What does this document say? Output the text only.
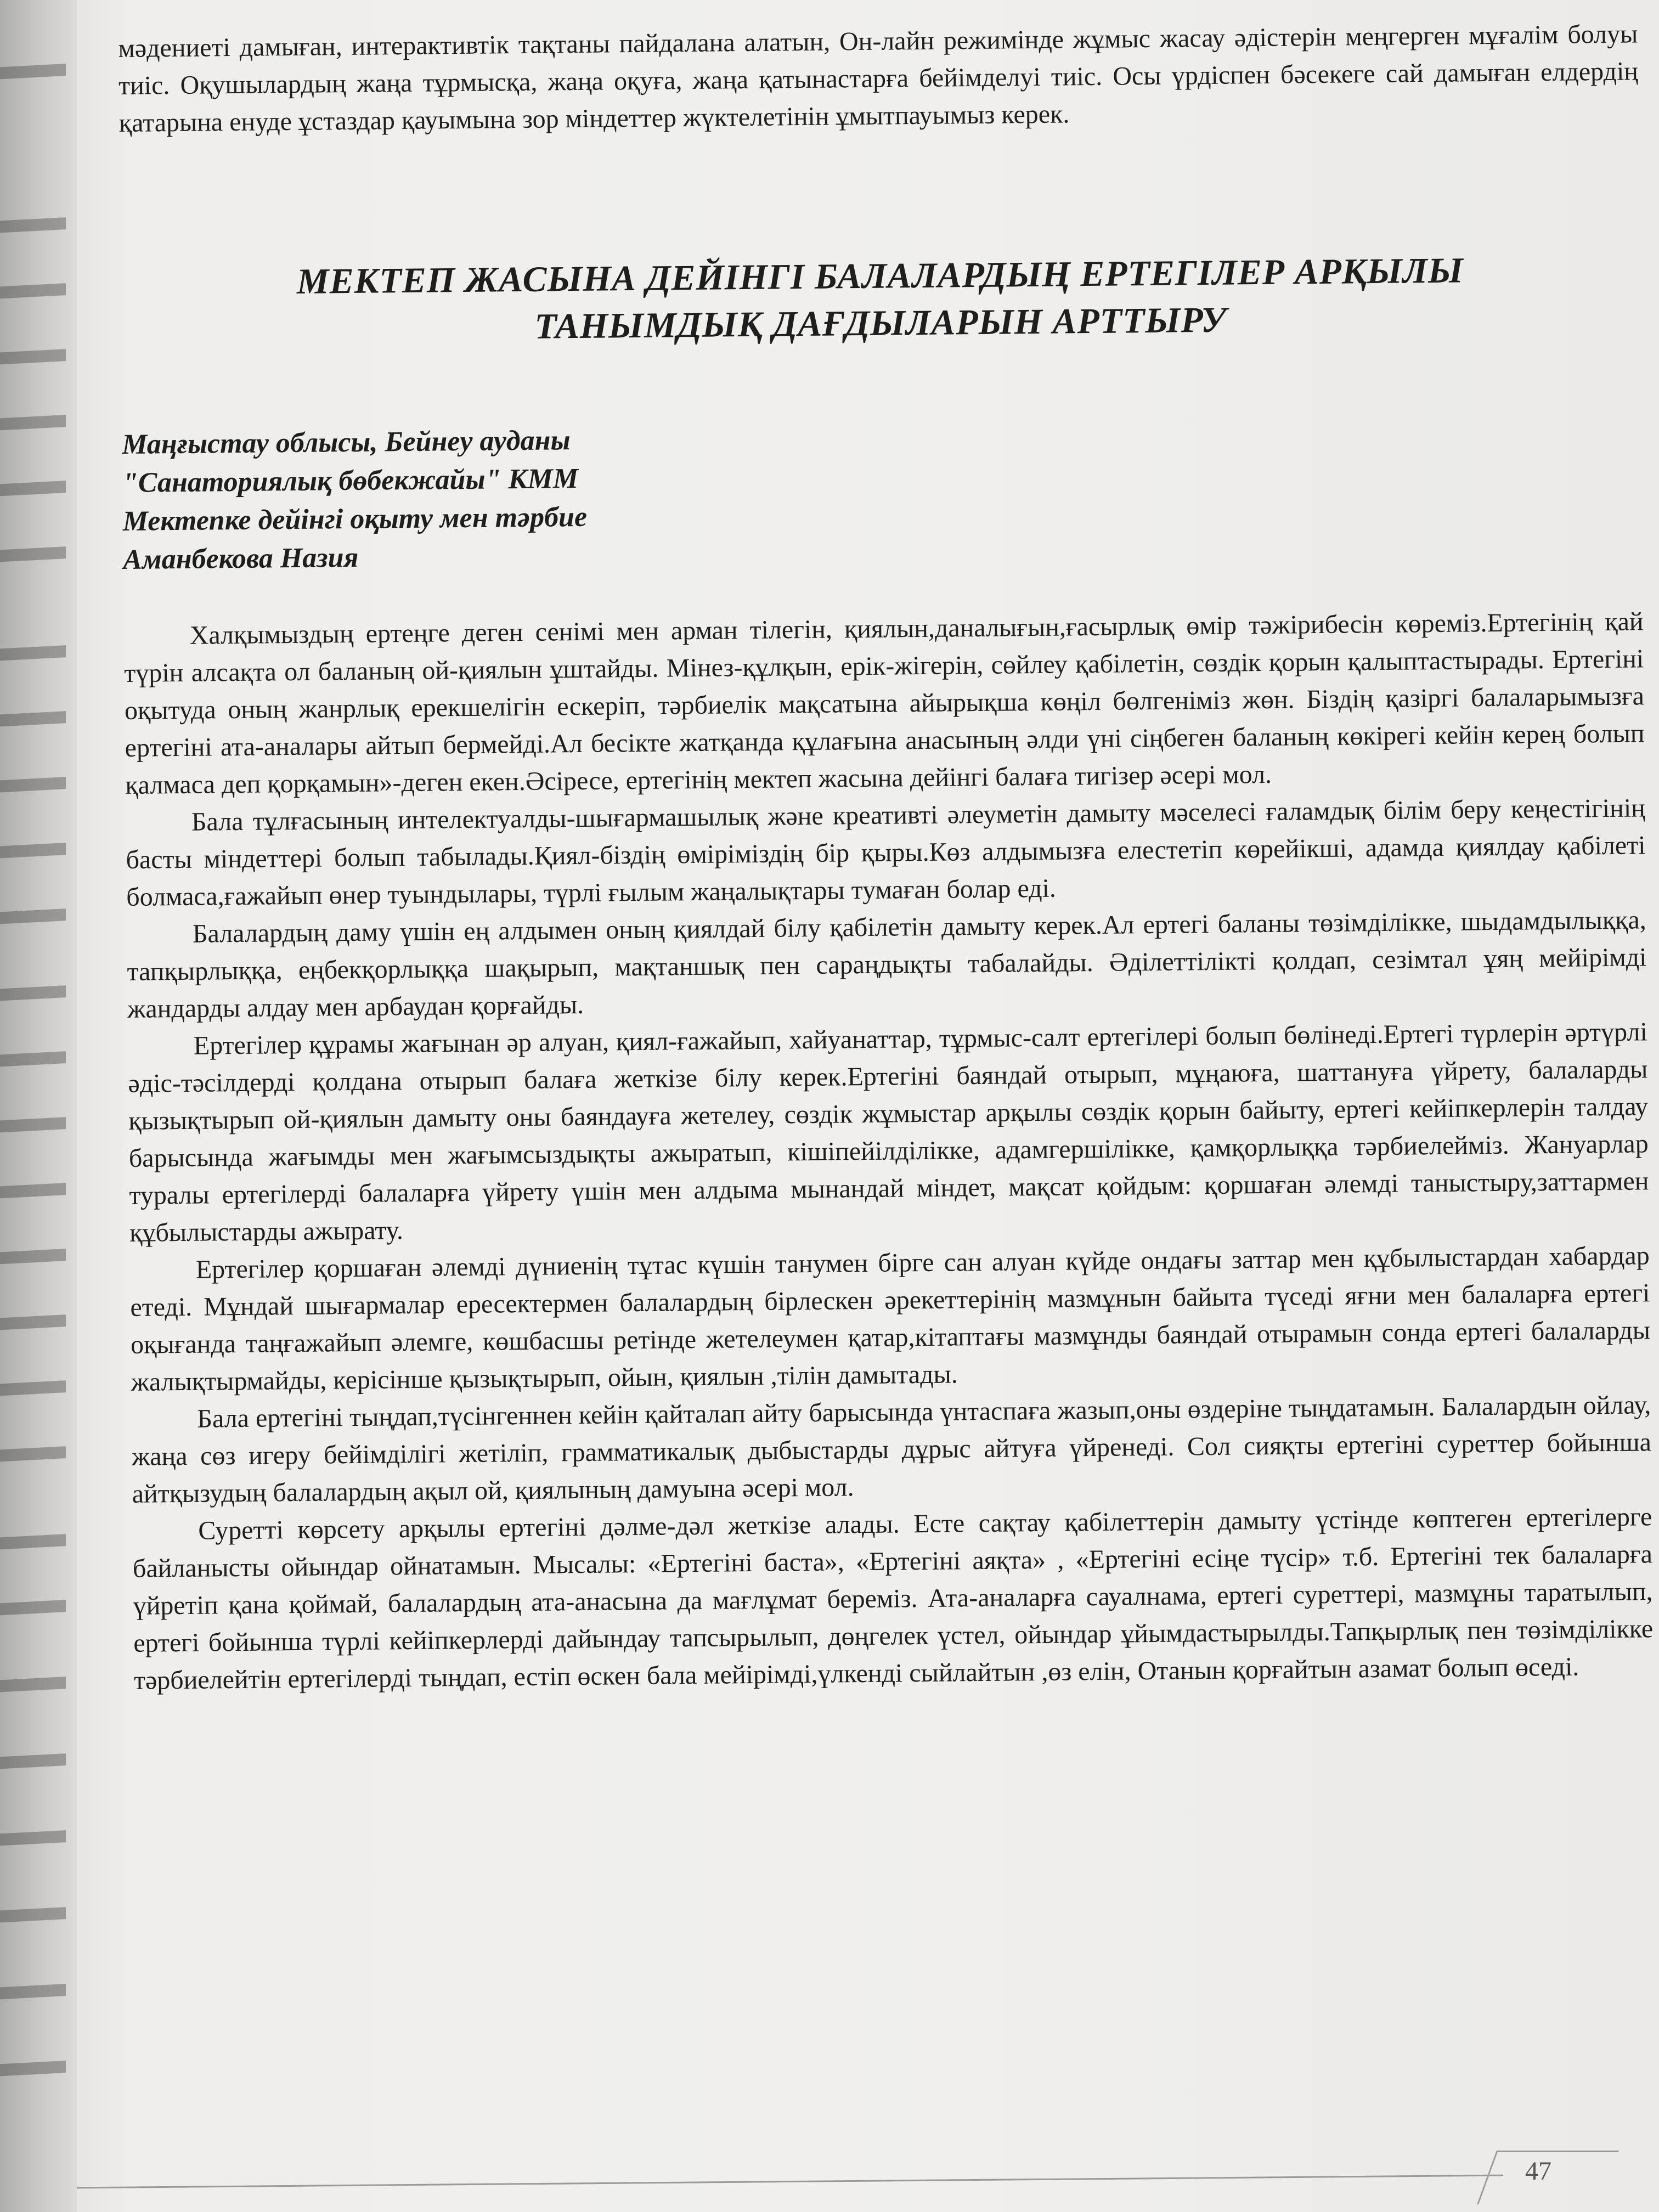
мәдениеті дамыған, интерактивтік тақтаны пайдалана алатын, Он-лайн режимінде жұмыс жасау әдістерін меңгерген мұғалім болуы тиіс. Оқушылардың жаңа тұрмысқа, жаңа оқуға, жаңа қатынастарға бейімделуі тиіс. Осы үрдіспен бәсекеге сай дамыған елдердің қатарына енуде ұстаздар қауымына зор міндеттер жүктелетінін ұмытпауымыз керек.

МЕКТЕП ЖАСЫНА ДЕЙІНГІ БАЛАЛАРДЫҢ ЕРТЕГІЛЕР АРҚЫЛЫ
ТАНЫМДЫҚ ДАҒДЫЛАРЫН АРТТЫРУ
Маңғыстау облысы, Бейнеу ауданы
"Санаториялық бөбекжайы" КММ
Мектепке дейінгі оқыту мен тәрбие
Аманбекова Назия

Халқымыздың ертеңге деген сенімі мен арман тілегін, қиялын,даналығын,ғасырлық өмір тәжірибесін көреміз.Ертегінің қай түрін алсақта ол баланың ой-қиялын ұштайды. Мінез-құлқын, ерік-жігерін, сөйлеу қабілетін, сөздік қорын қалыптастырады. Ертегіні оқытуда оның жанрлық ерекшелігін ескеріп, тәрбиелік мақсатына айырықша көңіл бөлгеніміз жөн. Біздің қазіргі балаларымызға ертегіні ата-аналары айтып бермейді.Ал бесікте жатқанда құлағына анасының әлди үні сіңбеген баланың көкірегі кейін керең болып қалмаса деп қорқамын»-деген екен.Әсіресе, ертегінің мектеп жасына дейінгі балаға тигізер әсері мол.

Бала тұлғасының интелектуалды-шығармашылық және креативті әлеуметін дамыту мәселесі ғаламдық білім беру кеңестігінің басты міндеттері болып табылады.Қиял-біздің өміріміздің бір қыры.Көз алдымызға елестетіп көрейікші, адамда қиялдау қабілеті болмаса,ғажайып өнер туындылары, түрлі ғылым жаңалықтары тумаған болар еді.

Балалардың даму үшін ең алдымен оның қиялдай білу қабілетін дамыту керек.Ал ертегі баланы төзімділікке, шыдамдылыққа, тапқырлыққа, еңбекқорлыққа шақырып, мақтаншық пен сараңдықты табалайды. Әділеттілікті қолдап, сезімтал ұяң мейірімді жандарды алдау мен арбаудан қорғайды.

Ертегілер құрамы жағынан әр алуан, қиял-ғажайып, хайуанаттар, тұрмыс-салт ертегілері болып бөлінеді.Ертегі түрлерін әртүрлі әдіс-тәсілдерді қолдана отырып балаға жеткізе білу керек.Ертегіні баяндай отырып, мұңаюға, шаттануға үйрету, балаларды қызықтырып ой-қиялын дамыту оны баяндауға жетелеу, сөздік жұмыстар арқылы сөздік қорын байыту, ертегі кейіпкерлерін талдау барысында жағымды мен жағымсыздықты ажыратып, кішіпейілділікке, адамгершілікке, қамқорлыққа тәрбиелейміз. Жануарлар туралы ертегілерді балаларға үйрету үшін мен алдыма мынандай міндет, мақсат қойдым: қоршаған әлемді таныстыру,заттармен құбылыстарды ажырату.

Ертегілер қоршаған әлемді дүниенің тұтас күшін танумен бірге сан алуан күйде ондағы заттар мен құбылыстардан хабардар етеді. Мұндай шығармалар ересектермен балалардың бірлескен әрекеттерінің мазмұнын байыта түседі яғни мен балаларға ертегі оқығанда таңғажайып әлемге, көшбасшы ретінде жетелеумен қатар,кітаптағы мазмұнды баяндай отырамын сонда ертегі балаларды жалықтырмайды, керісінше қызықтырып, ойын, қиялын ,тілін дамытады.

Бала ертегіні тыңдап,түсінгеннен кейін қайталап айту барысында үнтаспаға жазып,оны өздеріне тыңдатамын. Балалардын ойлау, жаңа сөз игеру бейімділігі жетіліп, грамматикалық дыбыстарды дұрыс айтуға үйренеді. Сол сияқты ертегіні суреттер бойынша айтқызудың балалардың ақыл ой, қиялының дамуына әсері мол.

Суретті көрсету арқылы ертегіні дәлме-дәл жеткізе алады. Есте сақтау қабілеттерін дамыту үстінде көптеген ертегілерге байланысты ойындар ойнатамын. Мысалы: «Ертегіні баста», «Ертегіні аяқта» , «Ертегіні есіңе түсір» т.б. Ертегіні тек балаларға үйретіп қана қоймай, балалардың ата-анасына да мағлұмат береміз. Ата-аналарға сауалнама, ертегі суреттері, мазмұны таратылып, ертегі бойынша түрлі кейіпкерлерді дайындау тапсырылып, дөңгелек үстел, ойындар ұйымдастырылды.Тапқырлық пен төзімділікке тәрбиелейтін ертегілерді тыңдап, естіп өскен бала мейірімді,үлкенді сыйлайтын ,өз елін, Отанын қорғайтын азамат болып өседі.

47
